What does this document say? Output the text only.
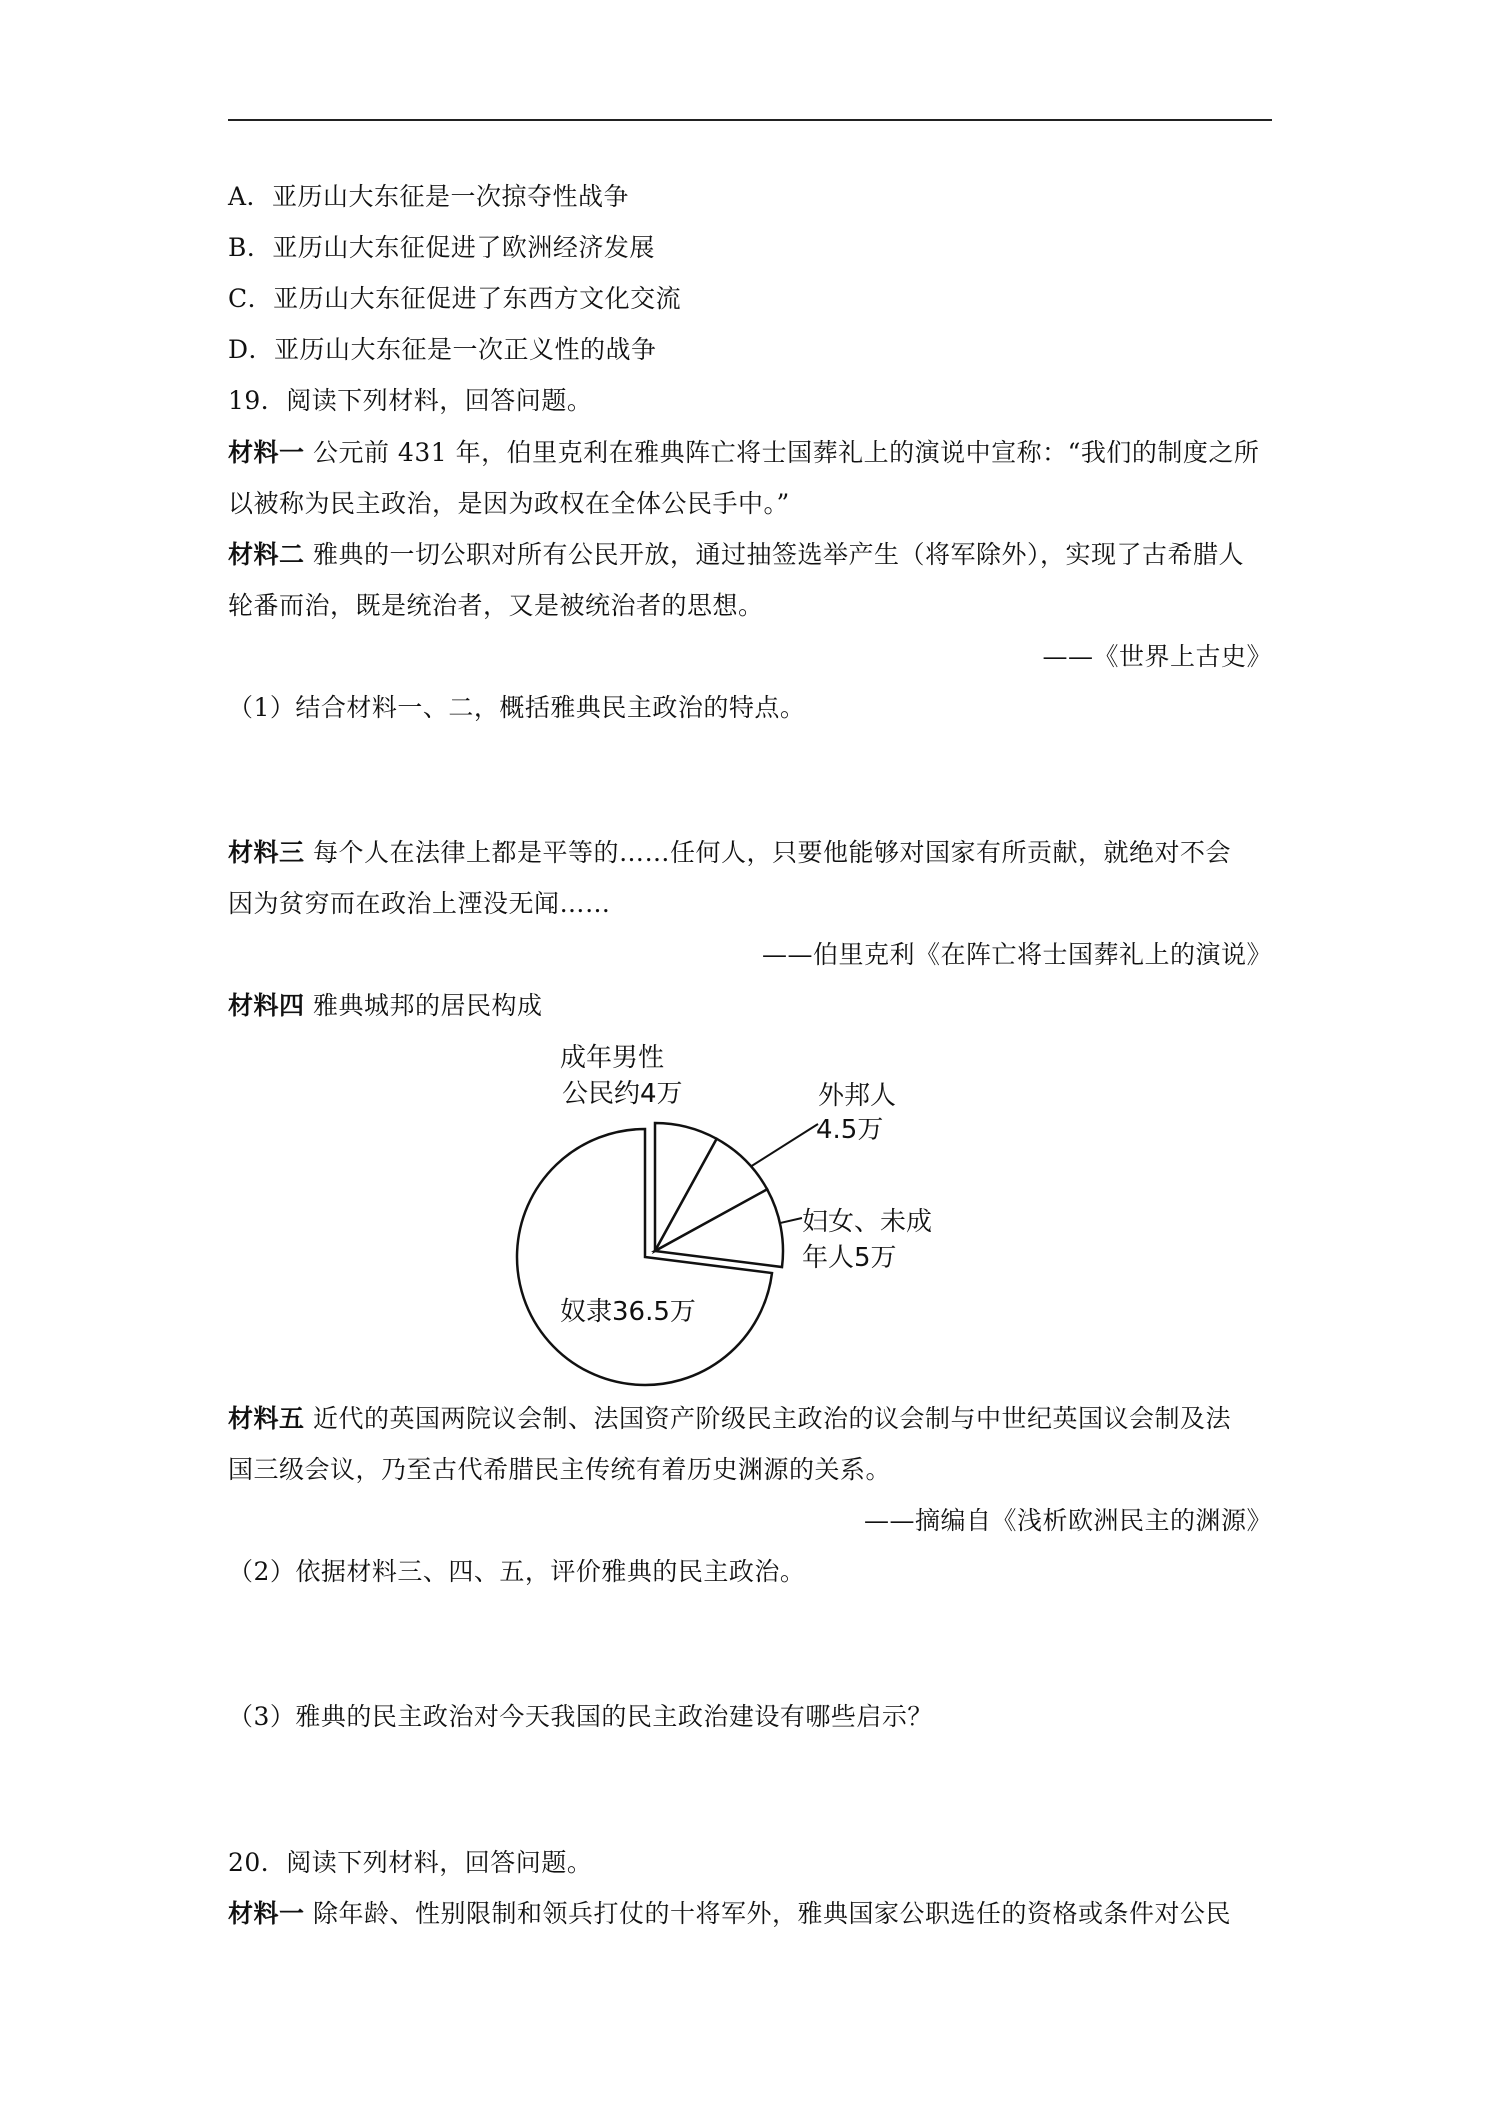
A．亚历山大东征是一次掠夺性战争
B．亚历山大东征促进了欧洲经济发展
C．亚历山大东征促进了东西方文化交流
D．亚历山大东征是一次正义性的战争
19．阅读下列材料，回答问题。
材料一 公元前 431 年，伯里克利在雅典阵亡将士国葬礼上的演说中宣称：“我们的制度之所
以被称为民主政治，是因为政权在全体公民手中。”
材料二 雅典的一切公职对所有公民开放，通过抽签选举产生（将军除外），实现了古希腊人
轮番而治，既是统治者，又是被统治者的思想。
——《世界上古史》
（1）结合材料一、二，概括雅典民主政治的特点。
材料三 每个人在法律上都是平等的……任何人，只要他能够对国家有所贡献，就绝对不会
因为贫穷而在政治上湮没无闻……
——伯里克利《在阵亡将士国葬礼上的演说》
材料四 雅典城邦的居民构成
成年男性
公民约4万	外邦人
4.5万
妇女、未成
年人5万
奴隶36.5万
材料五 近代的英国两院议会制、法国资产阶级民主政治的议会制与中世纪英国议会制及法
国三级会议，乃至古代希腊民主传统有着历史渊源的关系。
——摘编自《浅析欧洲民主的渊源》
（2）依据材料三、四、五，评价雅典的民主政治。
（3）雅典的民主政治对今天我国的民主政治建设有哪些启示？
20．阅读下列材料，回答问题。
材料一 除年龄、性别限制和领兵打仗的十将军外，雅典国家公职选任的资格或条件对公民
